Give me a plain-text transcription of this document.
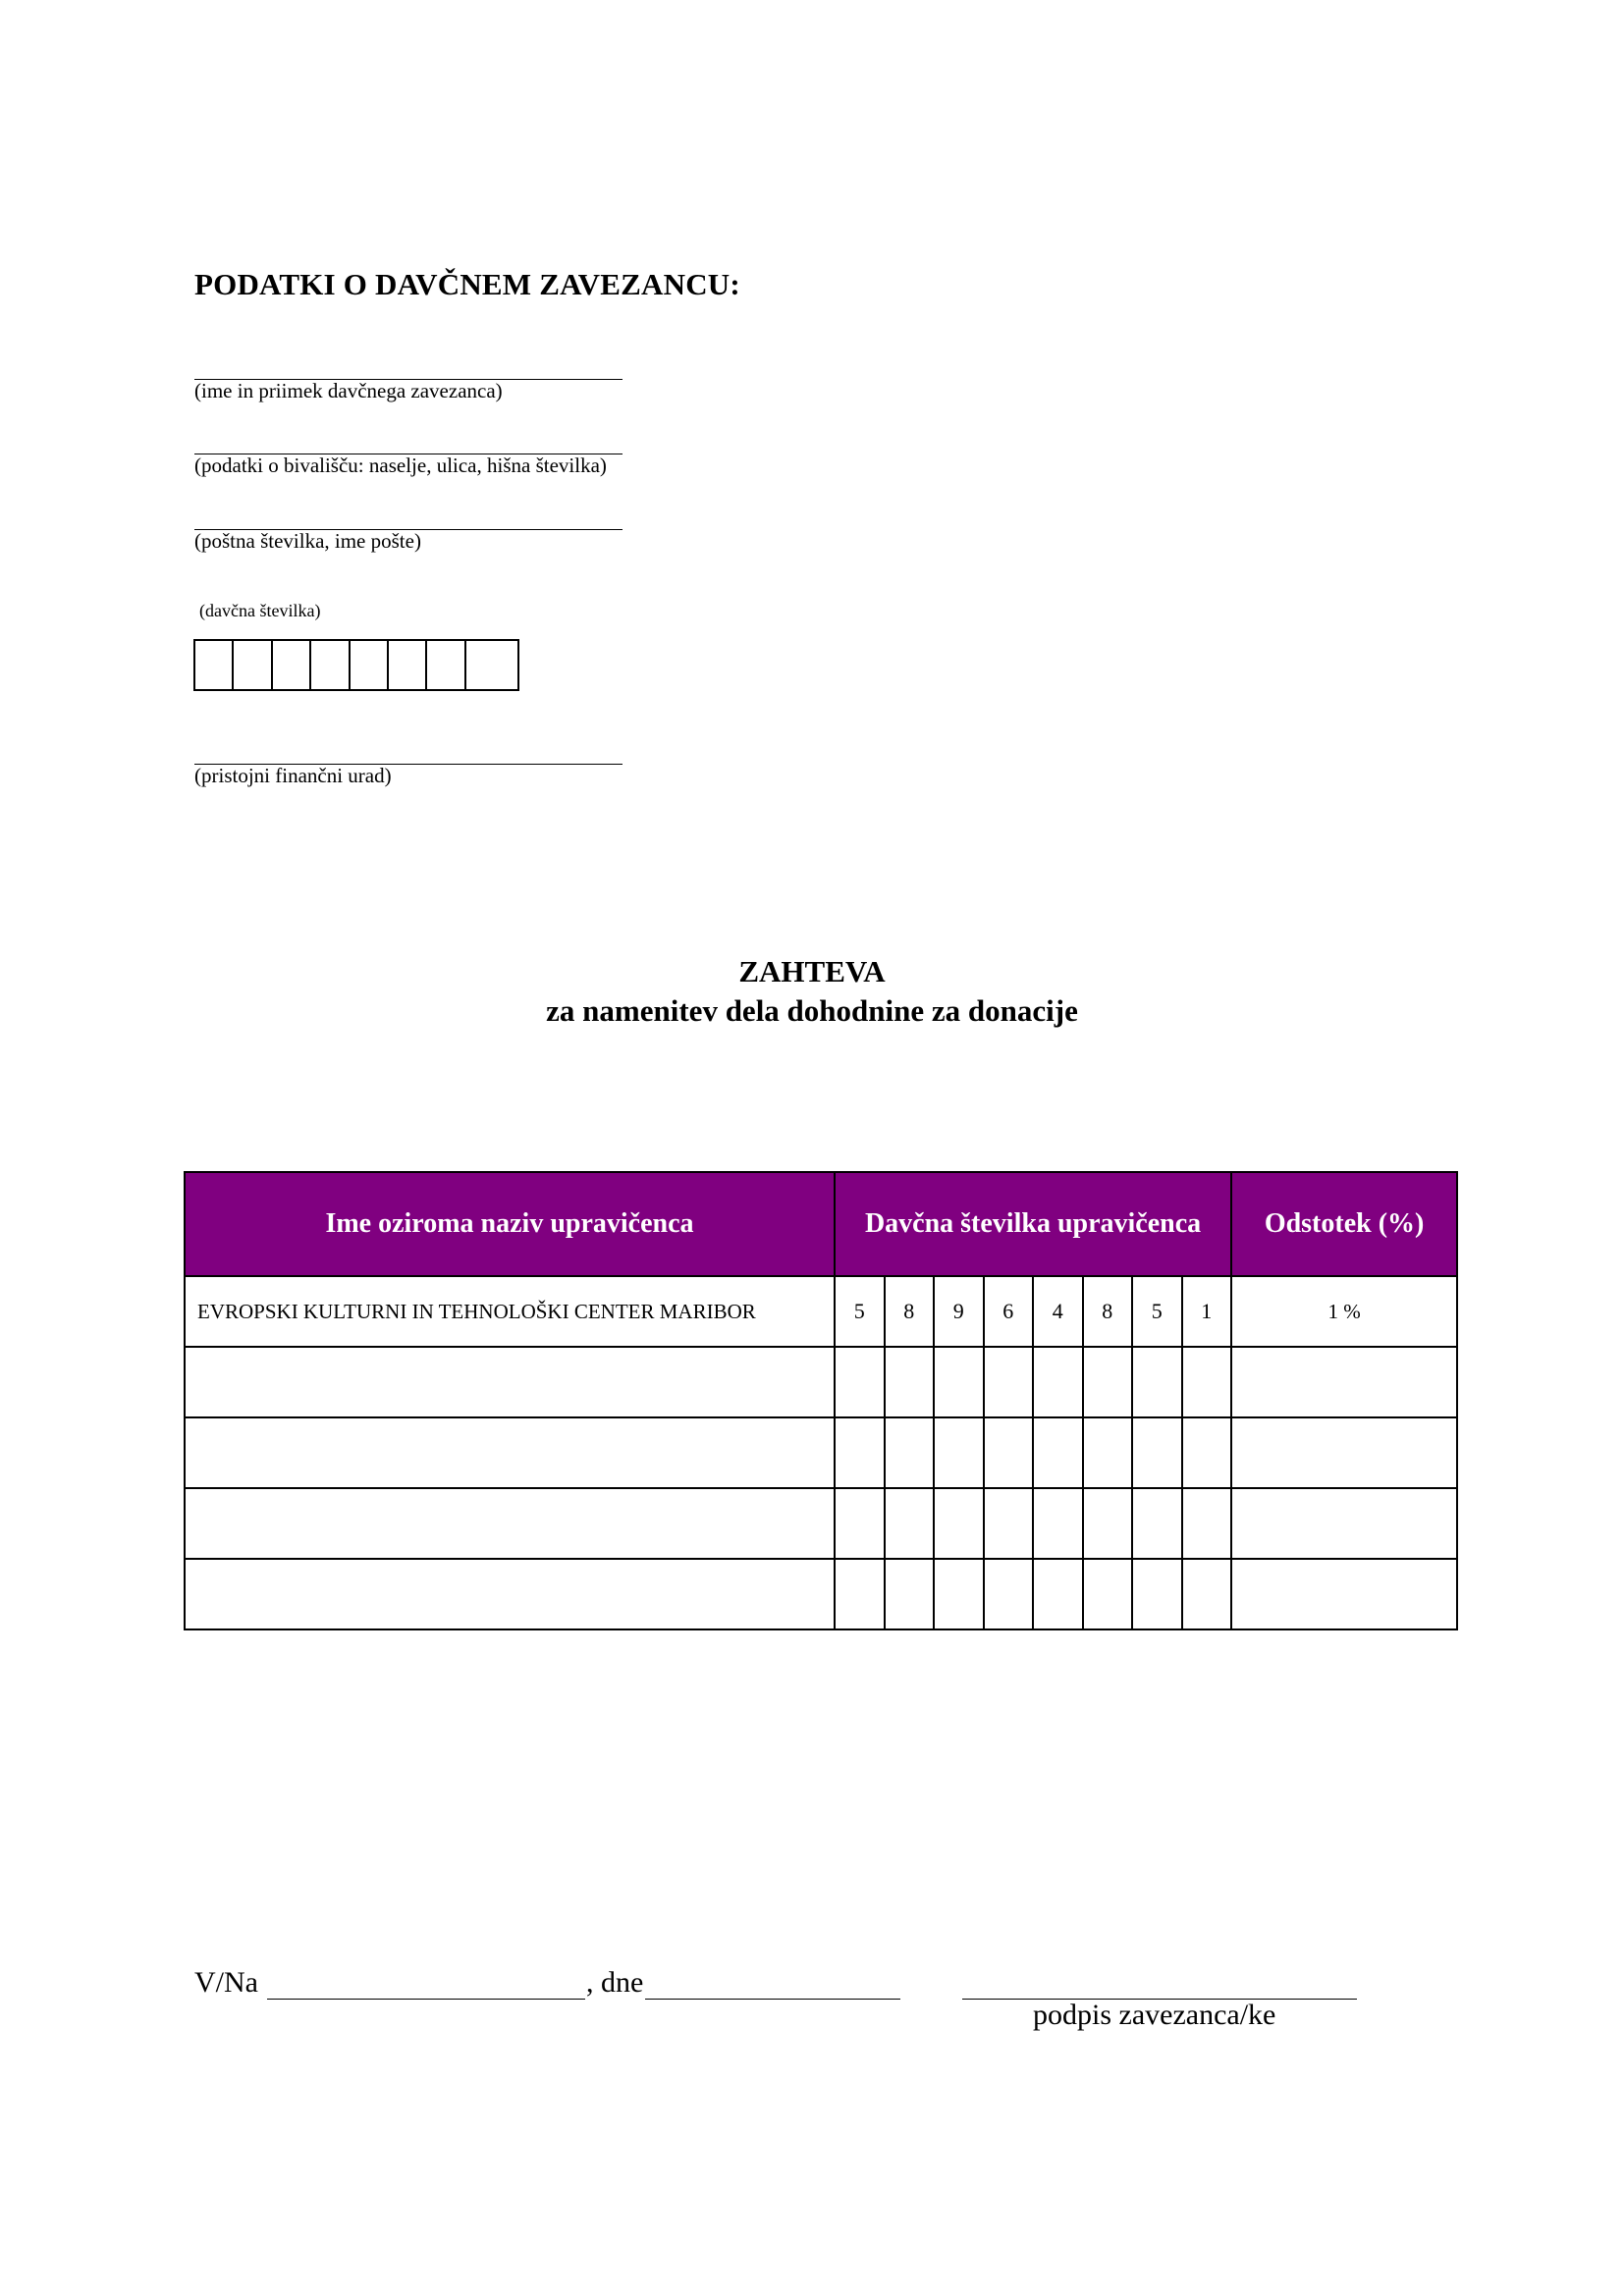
PODATKI O DAVČNEM ZAVEZANCU:
(ime in priimek davčnega zavezanca)
(podatki o bivališču: naselje, ulica, hišna številka)
(poštna številka, ime pošte)
(davčna številka)
(pristojni finančni urad)
ZAHTEVA
za namenitev dela dohodnine za donacije
Ime oziroma naziv upravičenca	Davčna številka upravičenca								Odstotek (%)
EVROPSKI KULTURNI IN TEHNOLOŠKI CENTER MARIBOR	5	8	9	6	4	8	5	1	1 %

V/Na	, dne
podpis zavezanca/ke
